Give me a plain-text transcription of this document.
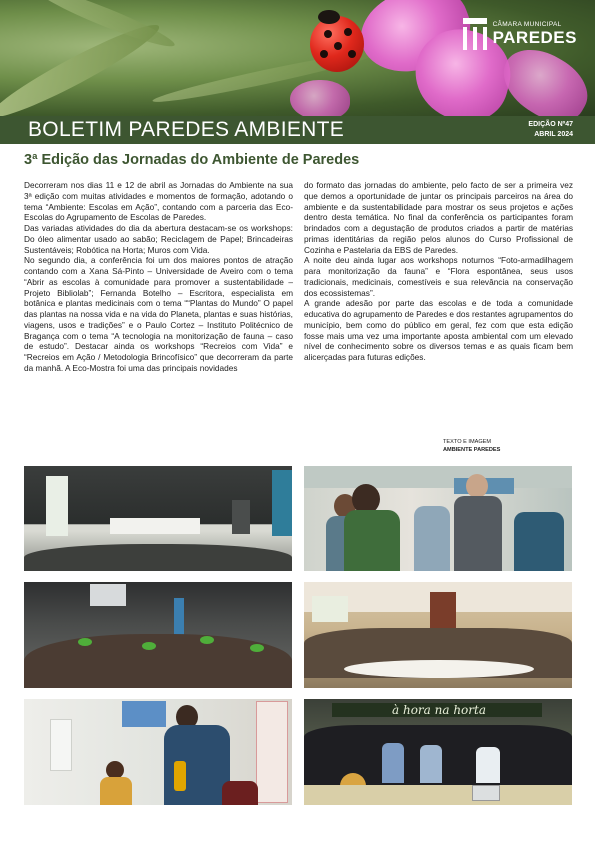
CÂMARA MUNICIPAL
PAREDES
BOLETIM PAREDES AMBIENTE	EDIÇÃO Nº47
ABRIL 2024
3ª Edição das Jornadas do Ambiente de Paredes

Decorreram nos dias 11 e 12 de abril as Jornadas do Ambiente na sua 3ª edição com muitas atividades e momentos de formação, adotando o tema “Ambiente: Escolas em Ação”, contando com a parceria das Eco-Escolas do Agrupamento de Escolas de Paredes.

Das variadas atividades do dia da abertura destacam-se os workshops: Do óleo alimentar usado ao sabão; Reciclagem de Papel; Brincadeiras Sustentáveis; Robótica na Horta; Muros com Vida.

No segundo dia, a conferência foi um dos maiores pontos de atração contando com a Xana Sá-Pinto – Universidade de Aveiro com o tema “Abrir as escolas à comunidade para promover a sustentabilidade – Projeto Bibliolab”; Fernanda Botelho – Escritora, especialista em botânica e plantas medicinais com o tema ““Plantas do Mundo” O papel das plantas na nossa vida e na vida do Planeta, plantas e suas histórias, viagens, usos e tradições” e o Paulo Cortez – Instituto Politécnico de Bragança com o tema “A tecnologia na monitorização de fauna – caso de estudo”. Destacar ainda os workshops “Recreios com Vida” e “Recreios em Ação / Metodologia Brincofísico” que decorreram da parte da manhã. A Eco-Mostra foi uma das principais novidades

do formato das jornadas do ambiente, pelo facto de ser a primeira vez que demos a oportunidade de juntar os principais parceiros na área do ambiente e da sustentabilidade para mostrar os seus projetos e ações dentro desta temática. No final da conferência os participantes foram brindados com a degustação de produtos criados a partir de matérias primas identitárias da região pelos alunos do Curso Profissional de Cozinha e Pastelaria da EBS de Paredes.

A noite deu ainda lugar aos workshops noturnos “Foto-armadilhagem para monitorização da fauna” e “Flora espontânea, seus usos tradicionais, medicinais, comestíveis e sua relevância na conservação dos ecossistemas”.

A grande adesão por parte das escolas e de toda a comunidade educativa do agrupamento de Paredes e dos restantes agrupamentos do município, bem como do público em geral, fez com que esta edição fosse mais uma vez uma importante aposta ambiental com um elevado nível de conhecimento sobre os diversos temas e as quais ficam bem alicerçadas para futuras edições.

TEXTO E IMAGEM
AMBIENTE PAREDES
à hora na horta
